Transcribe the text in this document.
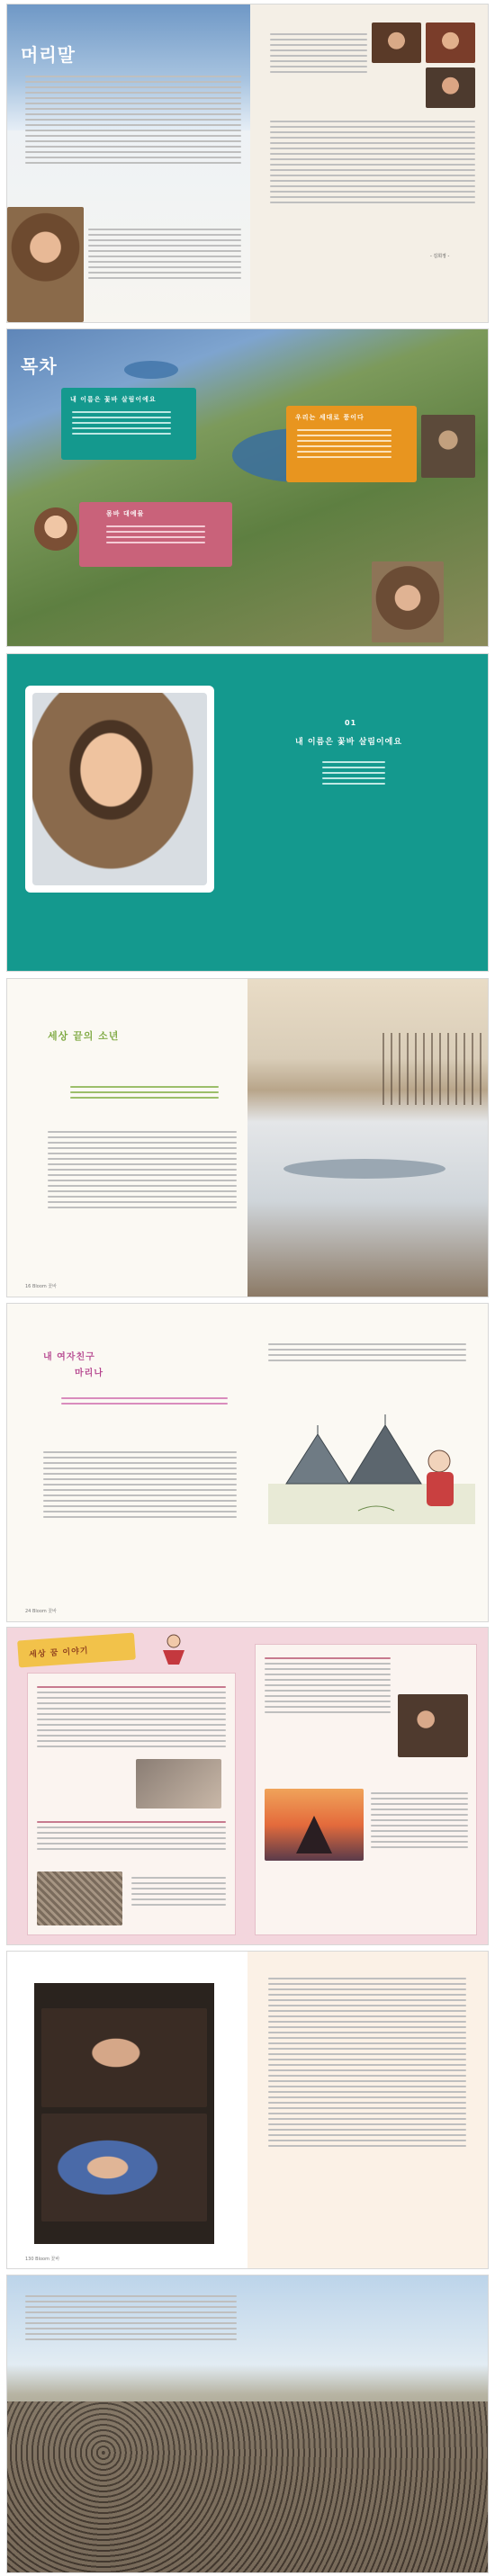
머리말
- 김희정 -
목차
내 이름은 꽃바 살림이에요
우리는 세대로 풍이다
몸바 대예물
01
내 이름은 꽃바 살림이에요
세상 끝의 소년
16 Bloom 꽃바
내 여자친구
마리나
24 Bloom 꽃바
세상 꿈 이야기
130 Bloom 꽃바
